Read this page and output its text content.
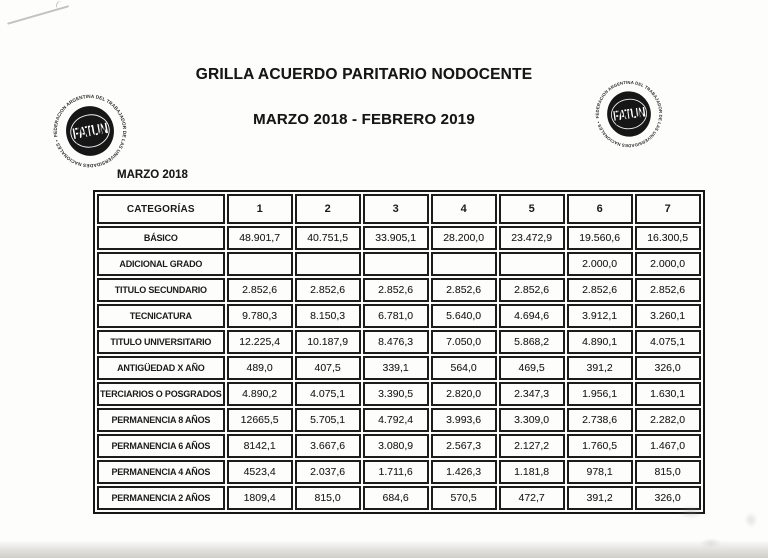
FEDERACION ARGENTINA DEL TRABAJADOR DE LAS UNIVERSIDADES NACIONALES •
FEDERACION ARGENTINA DEL TRABAJADOR DE LAS UNIVERSIDADES NACIONALES • FATUN
GRILLA ACUERDO PARITARIO NODOCENTE
MARZO 2018 - FEBRERO 2019
MARZO 2018
CATEGORÍAS	1	2	3	4	5	6	7
BÁSICO	48.901,7	40.751,5	33.905,1	28.200,0	23.472,9	19.560,6	16.300,5
ADICIONAL GRADO						2.000,0	2.000,0
TITULO SECUNDARIO	2.852,6	2.852,6	2.852,6	2.852,6	2.852,6	2.852,6	2.852,6
TECNICATURA	9.780,3	8.150,3	6.781,0	5.640,0	4.694,6	3.912,1	3.260,1
TITULO UNIVERSITARIO	12.225,4	10.187,9	8.476,3	7.050,0	5.868,2	4.890,1	4.075,1
ANTIGÜEDAD X AÑO	489,0	407,5	339,1	564,0	469,5	391,2	326,0
TERCIARIOS O POSGRADOS	4.890,2	4.075,1	3.390,5	2.820,0	2.347,3	1.956,1	1.630,1
PERMANENCIA 8 AÑOS	12665,5	5.705,1	4.792,4	3.993,6	3.309,0	2.738,6	2.282,0
PERMANENCIA 6 AÑOS	8142,1	3.667,6	3.080,9	2.567,3	2.127,2	1.760,5	1.467,0
PERMANENCIA 4 AÑOS	4523,4	2.037,6	1.711,6	1.426,3	1.181,8	978,1	815,0
PERMANENCIA 2 AÑOS	1809,4	815,0	684,6	570,5	472,7	391,2	326,0
